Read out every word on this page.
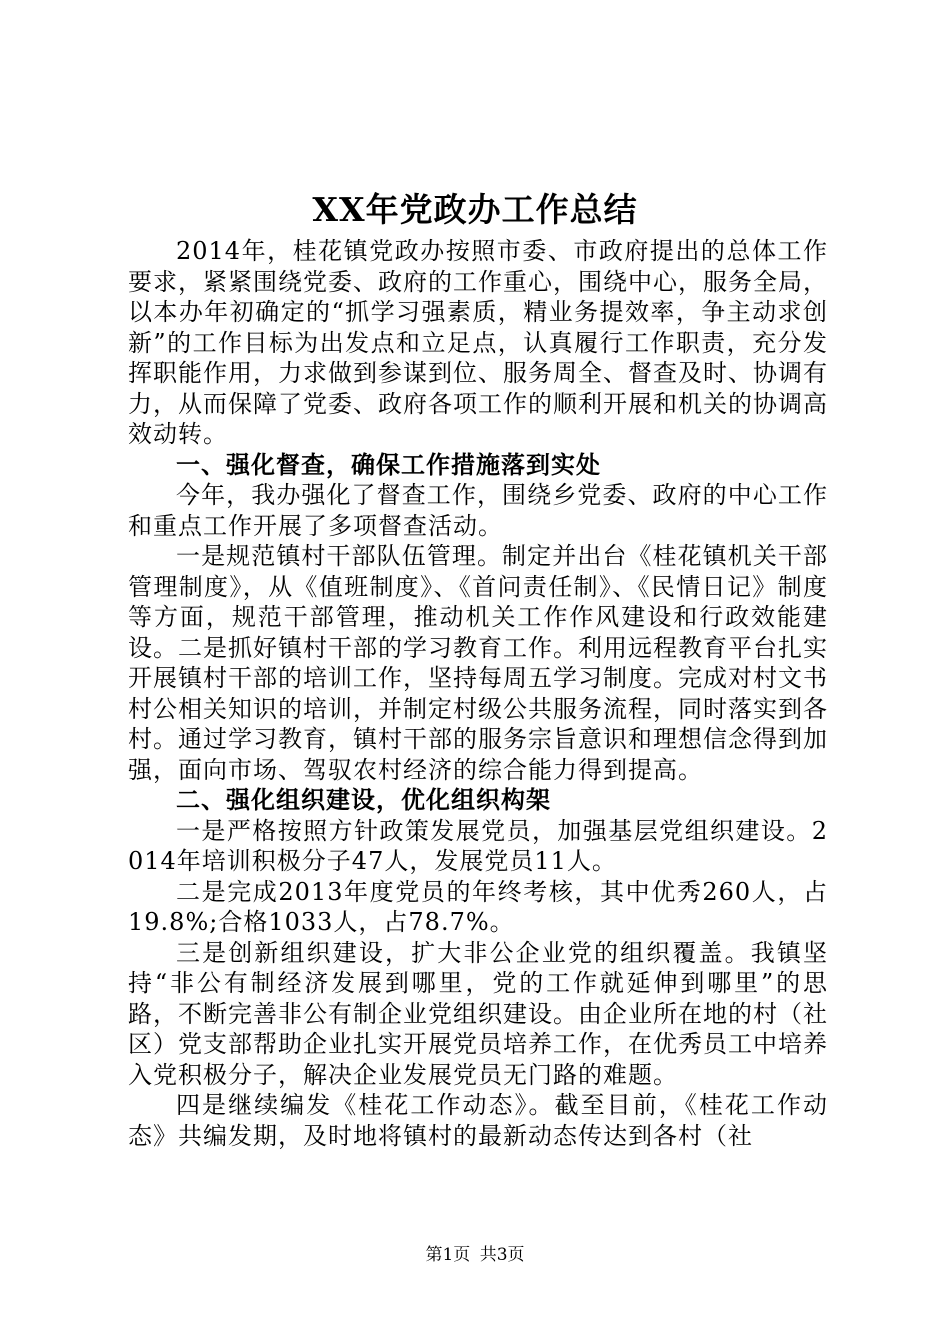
XX年党政办工作总结

2014年，桂花镇党政办按照市委、市政府提出的总体工作要求，紧紧围绕党委、政府的工作重心，围绕中心，服务全局，以本办年初确定的“抓学习强素质，精业务提效率，争主动求创新”的工作目标为出发点和立足点，认真履行工作职责，充分发挥职能作用，力求做到参谋到位、服务周全、督查及时、协调有力，从而保障了党委、政府各项工作的顺利开展和机关的协调高效动转。

一、强化督查，确保工作措施落到实处

今年，我办强化了督查工作，围绕乡党委、政府的中心工作和重点工作开展了多项督查活动。

一是规范镇村干部队伍管理。制定并出台《桂花镇机关干部管理制度》，从《值班制度》、《首问责任制》、《民情日记》制度等方面，规范干部管理，推动机关工作作风建设和行政效能建设。二是抓好镇村干部的学习教育工作。利用远程教育平台扎实开展镇村干部的培训工作，坚持每周五学习制度。完成对村文书村公相关知识的培训，并制定村级公共服务流程，同时落实到各村。通过学习教育，镇村干部的服务宗旨意识和理想信念得到加强，面向市场、驾驭农村经济的综合能力得到提高。

二、强化组织建设，优化组织构架

一是严格按照方针政策发展党员，加强基层党组织建设。2014年培训积极分子47人，发展党员11人。

二是完成2013年度党员的年终考核，其中优秀260人，占19.8%;合格1033人，占78.7%。

三是创新组织建设，扩大非公企业党的组织覆盖。我镇坚持“非公有制经济发展到哪里，党的工作就延伸到哪里”的思路，不断完善非公有制企业党组织建设。由企业所在地的村（社区）党支部帮助企业扎实开展党员培养工作，在优秀员工中培养入党积极分子，解决企业发展党员无门路的难题。

四是继续编发《桂花工作动态》。截至目前，《桂花工作动态》共编发期，及时地将镇村的最新动态传达到各村（社

第1页 共3页
